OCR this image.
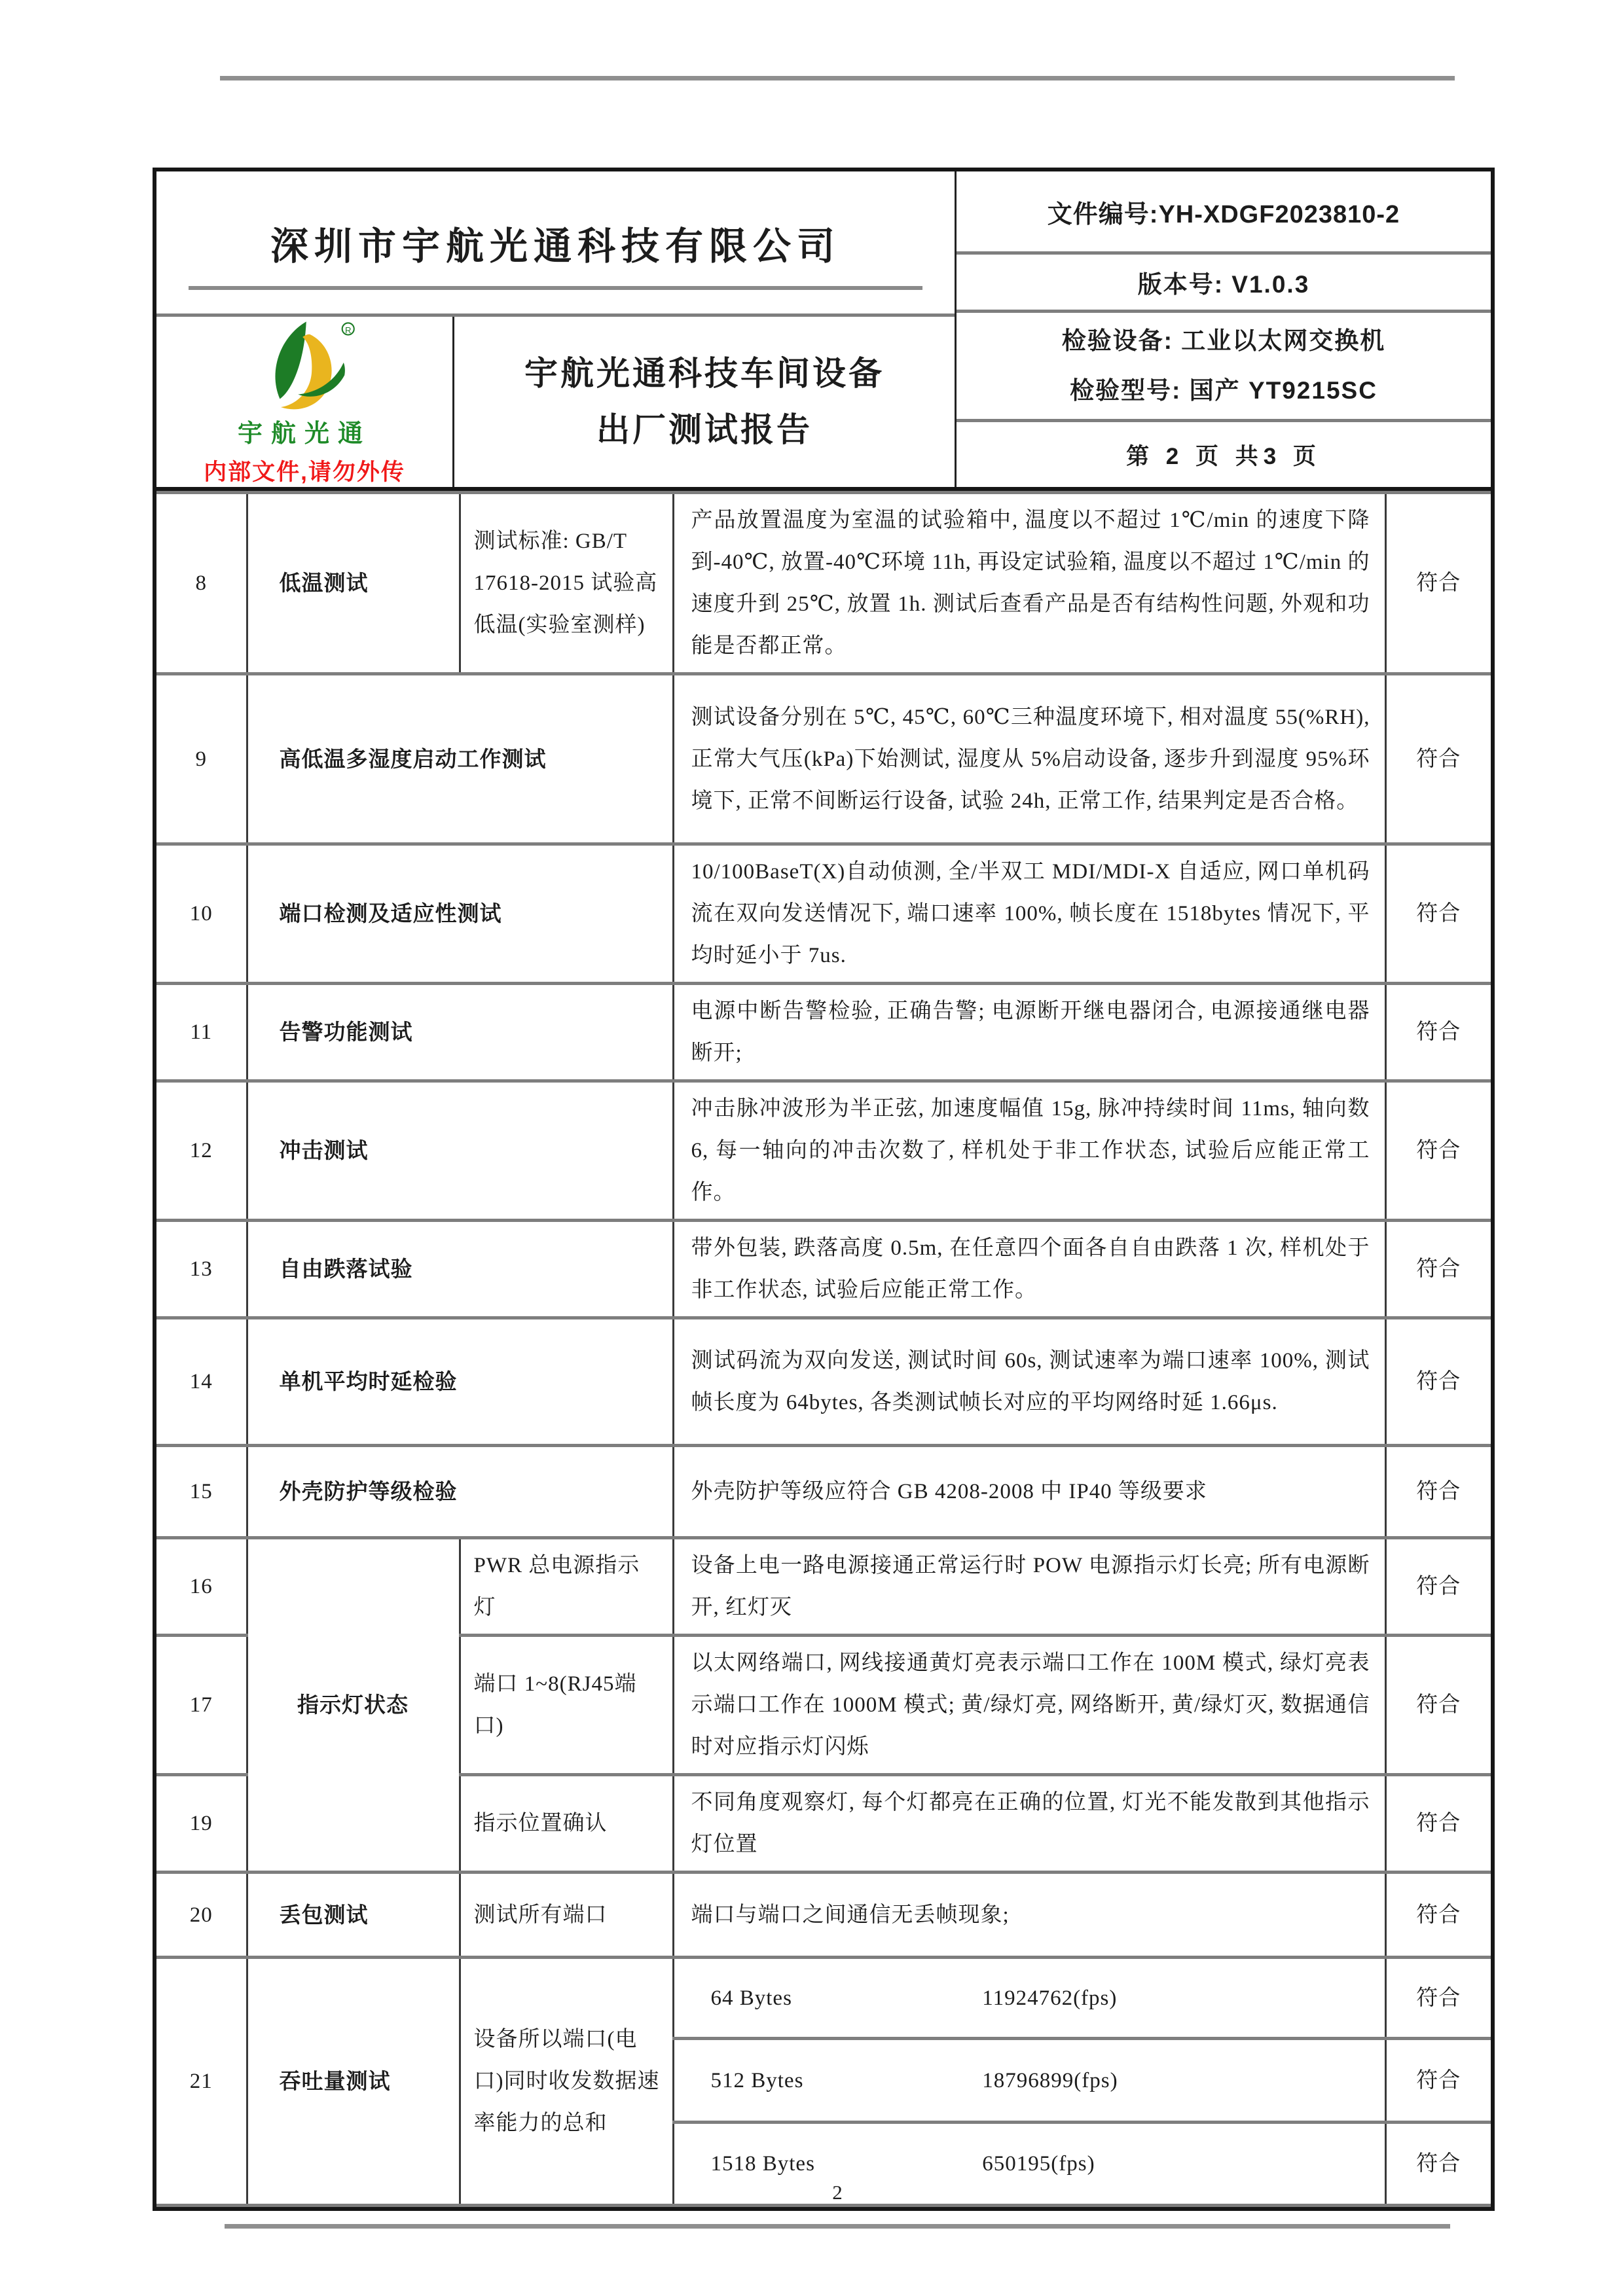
深圳市宇航光通科技有限公司
R
宇航光通
内部文件,请勿外传
宇航光通科技车间设备
出厂测试报告
文件编号:YH-XDGF2023810-2
版本号: V1.0.3
检验设备: 工业以太网交换机
检验型号: 国产 YT9215SC
第 2 页 共3 页
8	低温测试	测试标准: GB/T 17618-2015 试验高低温(实验室测样)	产品放置温度为室温的试验箱中, 温度以不超过 1℃/min 的速度下降到-40℃, 放置-40℃环境 11h, 再设定试验箱, 温度以不超过 1℃/min 的速度升到 25℃, 放置 1h. 测试后查看产品是否有结构性问题, 外观和功能是否都正常。	符合
9	高低温多湿度启动工作测试		测试设备分别在 5℃, 45℃, 60℃三种温度环境下, 相对温度 55(%RH), 正常大气压(kPa)下始测试, 湿度从 5%启动设备, 逐步升到湿度 95%环境下, 正常不间断运行设备, 试验 24h, 正常工作, 结果判定是否合格。	符合
10	端口检测及适应性测试		10/100BaseT(X)自动侦测, 全/半双工 MDI/MDI-X 自适应, 网口单机码流在双向发送情况下, 端口速率 100%, 帧长度在 1518bytes 情况下, 平均时延小于 7us.	符合
11	告警功能测试		电源中断告警检验, 正确告警; 电源断开继电器闭合, 电源接通继电器断开;	符合
12	冲击测试		冲击脉冲波形为半正弦, 加速度幅值 15g, 脉冲持续时间 11ms, 轴向数 6, 每一轴向的冲击次数了, 样机处于非工作状态, 试验后应能正常工作。	符合
13	自由跌落试验		带外包装, 跌落高度 0.5m, 在任意四个面各自自由跌落 1 次, 样机处于非工作状态, 试验后应能正常工作。	符合
14	单机平均时延检验		测试码流为双向发送, 测试时间 60s, 测试速率为端口速率 100%, 测试帧长度为 64bytes, 各类测试帧长对应的平均网络时延 1.66μs.	符合
15	外壳防护等级检验		外壳防护等级应符合 GB 4208-2008 中 IP40 等级要求	符合
16	指示灯状态	PWR 总电源指示灯	设备上电一路电源接通正常运行时 POW 电源指示灯长亮; 所有电源断开, 红灯灭	符合
17		端口 1~8(RJ45端口)	以太网络端口, 网线接通黄灯亮表示端口工作在 100M 模式, 绿灯亮表示端口工作在 1000M 模式; 黄/绿灯亮, 网络断开, 黄/绿灯灭, 数据通信时对应指示灯闪烁	符合
19		指示位置确认	不同角度观察灯, 每个灯都亮在正确的位置, 灯光不能发散到其他指示灯位置	符合
20	丢包测试	测试所有端口	端口与端口之间通信无丢帧现象;	符合
21	吞吐量测试	设备所以端口(电口)同时收发数据速率能力的总和	64 Bytes 11924762(fps)	符合

			512 Bytes 18796899(fps)	符合

			1518 Bytes 650195(fps)	符合
2
